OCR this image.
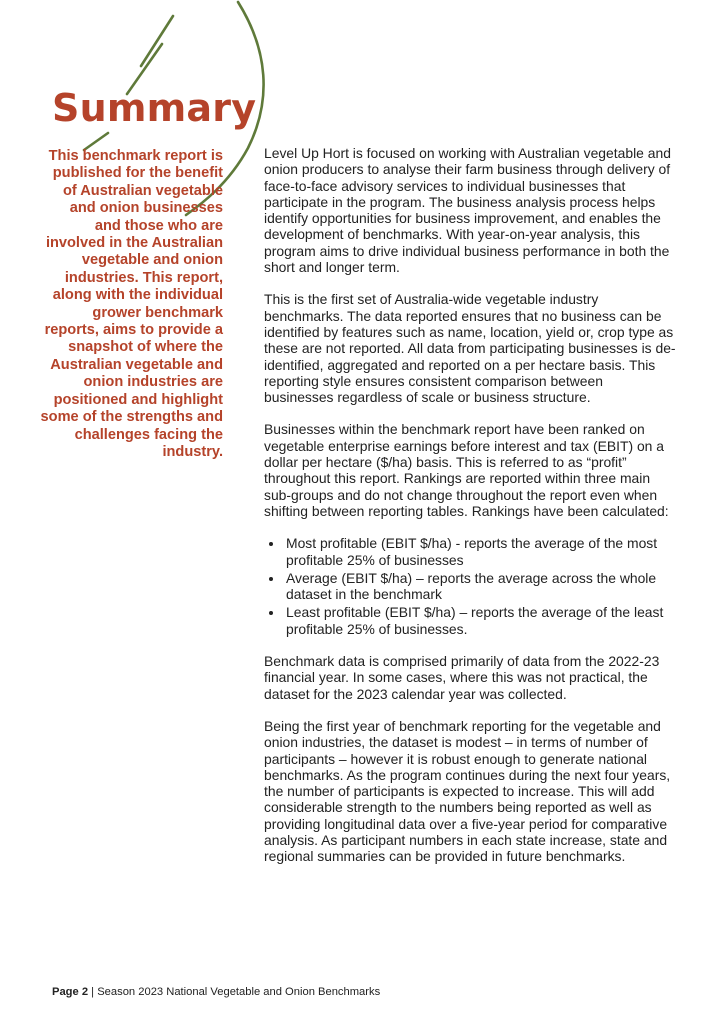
Summary

This benchmark report is published for the benefit of Australian vegetable and onion businesses and those who are involved in the Australian vegetable and onion industries. This report, along with the individual grower benchmark reports, aims to provide a snapshot of where the Australian vegetable and onion industries are positioned and highlight some of the strengths and challenges facing the industry.

Level Up Hort is focused on working with Australian vegetable and onion producers to analyse their farm business through delivery of face-to-face advisory services to individual businesses that participate in the program. The business analysis process helps identify opportunities for business improvement, and enables the development of benchmarks. With year-on-year analysis, this program aims to drive individual business performance in both the short and longer term.

This is the first set of Australia-wide vegetable industry benchmarks. The data reported ensures that no business can be identified by features such as name, location, yield or, crop type as these are not reported. All data from participating businesses is de-identified, aggregated and reported on a per hectare basis. This reporting style ensures consistent comparison between businesses regardless of scale or business structure.

Businesses within the benchmark report have been ranked on vegetable enterprise earnings before interest and tax (EBIT) on a dollar per hectare ($/ha) basis. This is referred to as “profit” throughout this report. Rankings are reported within three main sub-groups and do not change throughout the report even when shifting between reporting tables. Rankings have been calculated:

• Most profitable (EBIT $/ha) - reports the average of the most profitable 25% of businesses
• Average (EBIT $/ha) – reports the average across the whole dataset in the benchmark
• Least profitable (EBIT $/ha) – reports the average of the least profitable 25% of businesses.

Benchmark data is comprised primarily of data from the 2022-23 financial year. In some cases, where this was not practical, the dataset for the 2023 calendar year was collected.

Being the first year of benchmark reporting for the vegetable and onion industries, the dataset is modest – in terms of number of participants – however it is robust enough to generate national benchmarks. As the program continues during the next four years, the number of participants is expected to increase. This will add considerable strength to the numbers being reported as well as providing longitudinal data over a five-year period for comparative analysis. As participant numbers in each state increase, state and regional summaries can be provided in future benchmarks.

Page 2 | Season 2023 National Vegetable and Onion Benchmarks
